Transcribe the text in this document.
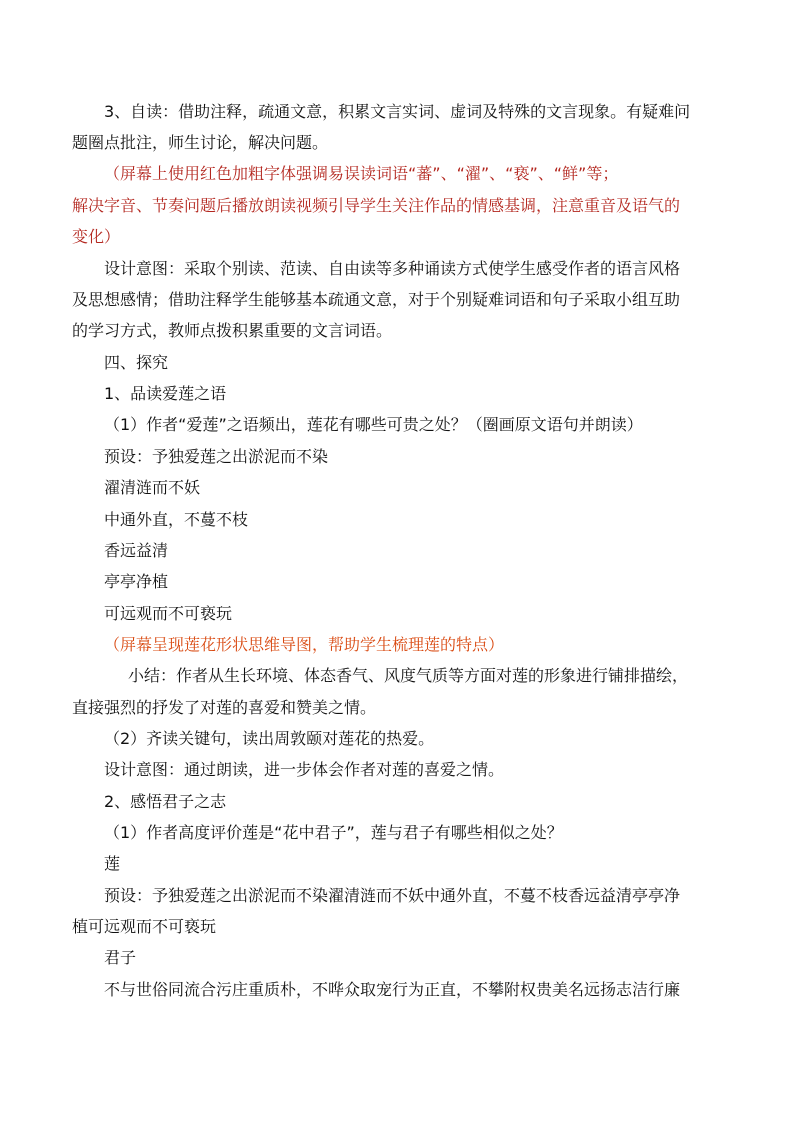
3、自读：借助注释，疏通文意，积累文言实词、虚词及特殊的文言现象。有疑难问
题圈点批注，师生讨论，解决问题。
（屏幕上使用红色加粗字体强调易误读词语“蕃”、“濯”、“亵”、“鲜”等；
解决字音、节奏问题后播放朗读视频引导学生关注作品的情感基调，注意重音及语气的
变化）
设计意图：采取个别读、范读、自由读等多种诵读方式使学生感受作者的语言风格
及思想感情；借助注释学生能够基本疏通文意，对于个别疑难词语和句子采取小组互助
的学习方式，教师点拨积累重要的文言词语。
四、探究
1、品读爱莲之语
（1）作者“爱莲”之语频出，莲花有哪些可贵之处？（圈画原文语句并朗读）
预设：予独爱莲之出淤泥而不染
濯清涟而不妖
中通外直，不蔓不枝
香远益清
亭亭净植
可远观而不可亵玩
（屏幕呈现莲花形状思维导图，帮助学生梳理莲的特点）
小结：作者从生长环境、体态香气、风度气质等方面对莲的形象进行铺排描绘，
直接强烈的抒发了对莲的喜爱和赞美之情。
（2）齐读关键句，读出周敦颐对莲花的热爱。
设计意图：通过朗读，进一步体会作者对莲的喜爱之情。
2、感悟君子之志
（1）作者高度评价莲是“花中君子”，莲与君子有哪些相似之处？
莲
预设：予独爱莲之出淤泥而不染濯清涟而不妖中通外直，不蔓不枝香远益清亭亭净
植可远观而不可亵玩
君子
不与世俗同流合污庄重质朴，不哗众取宠行为正直，不攀附权贵美名远扬志洁行廉
